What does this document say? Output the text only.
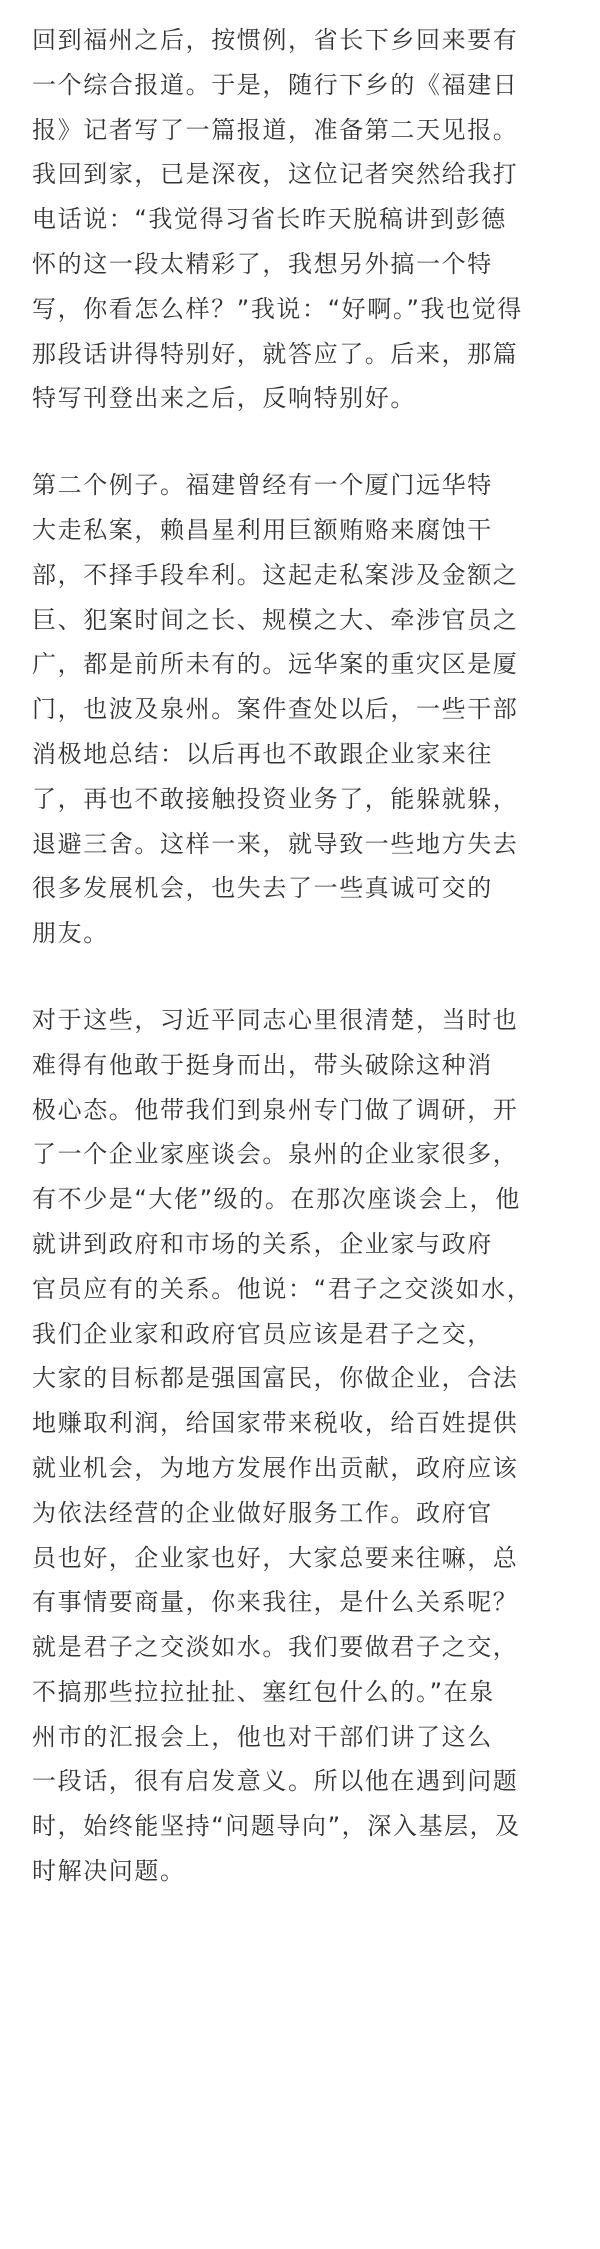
回到福州之后，按惯例，省长下乡回来要有
一个综合报道。于是，随行下乡的《福建日
报》记者写了一篇报道，准备第二天见报。
我回到家，已是深夜，这位记者突然给我打
电话说：“我觉得习省长昨天脱稿讲到彭德
怀的这一段太精彩了，我想另外搞一个特
写，你看怎么样？”我说：“好啊。”我也觉得
那段话讲得特别好，就答应了。后来，那篇
特写刊登出来之后，反响特别好。
第二个例子。福建曾经有一个厦门远华特
大走私案，赖昌星利用巨额贿赂来腐蚀干
部，不择手段牟利。这起走私案涉及金额之
巨、犯案时间之长、规模之大、牵涉官员之
广，都是前所未有的。远华案的重灾区是厦
门，也波及泉州。案件查处以后，一些干部
消极地总结：以后再也不敢跟企业家来往
了，再也不敢接触投资业务了，能躲就躲，
退避三舍。这样一来，就导致一些地方失去
很多发展机会，也失去了一些真诚可交的
朋友。
对于这些，习近平同志心里很清楚，当时也
难得有他敢于挺身而出，带头破除这种消
极心态。他带我们到泉州专门做了调研，开
了一个企业家座谈会。泉州的企业家很多，
有不少是“大佬”级的。在那次座谈会上，他
就讲到政府和市场的关系，企业家与政府
官员应有的关系。他说：“君子之交淡如水，
我们企业家和政府官员应该是君子之交，
大家的目标都是强国富民，你做企业，合法
地赚取利润，给国家带来税收，给百姓提供
就业机会，为地方发展作出贡献，政府应该
为依法经营的企业做好服务工作。政府官
员也好，企业家也好，大家总要来往嘛，总
有事情要商量，你来我往，是什么关系呢？
就是君子之交淡如水。我们要做君子之交，
不搞那些拉拉扯扯、塞红包什么的。”在泉
州市的汇报会上，他也对干部们讲了这么
一段话，很有启发意义。所以他在遇到问题
时，始终能坚持“问题导向”，深入基层，及
时解决问题。
